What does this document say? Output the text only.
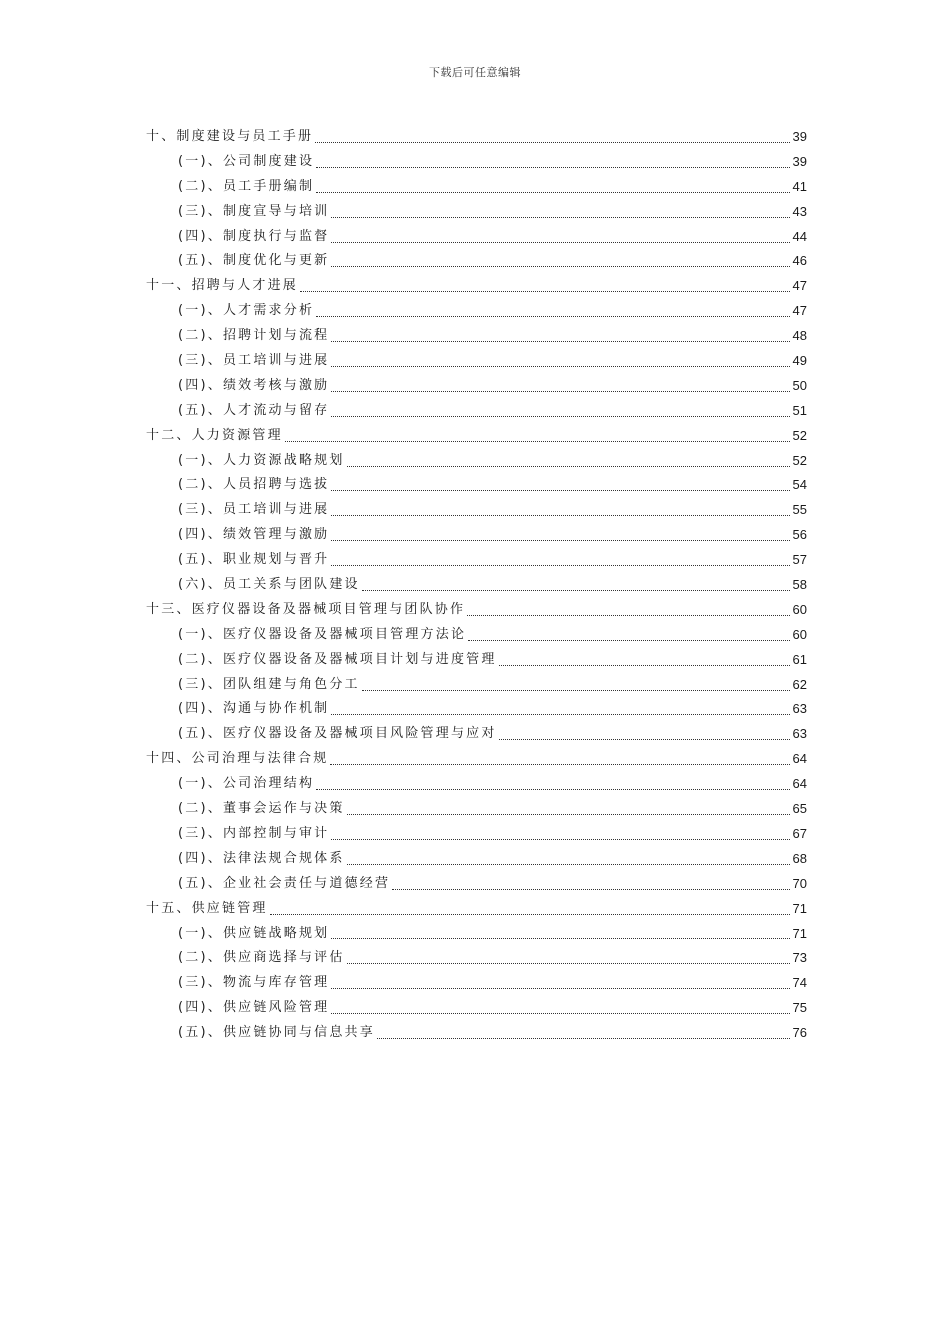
下载后可任意编辑
十、制度建设与员工手册	39
(一)、公司制度建设	39
(二)、员工手册编制	41
(三)、制度宣导与培训	43
(四)、制度执行与监督	44
(五)、制度优化与更新	46
十一、招聘与人才进展	47
(一)、人才需求分析	47
(二)、招聘计划与流程	48
(三)、员工培训与进展	49
(四)、绩效考核与激励	50
(五)、人才流动与留存	51
十二、人力资源管理	52
(一)、人力资源战略规划	52
(二)、人员招聘与选拔	54
(三)、员工培训与进展	55
(四)、绩效管理与激励	56
(五)、职业规划与晋升	57
(六)、员工关系与团队建设	58
十三、医疗仪器设备及器械项目管理与团队协作	60
(一)、医疗仪器设备及器械项目管理方法论	60
(二)、医疗仪器设备及器械项目计划与进度管理	61
(三)、团队组建与角色分工	62
(四)、沟通与协作机制	63
(五)、医疗仪器设备及器械项目风险管理与应对	63
十四、公司治理与法律合规	64
(一)、公司治理结构	64
(二)、董事会运作与决策	65
(三)、内部控制与审计	67
(四)、法律法规合规体系	68
(五)、企业社会责任与道德经营	70
十五、供应链管理	71
(一)、供应链战略规划	71
(二)、供应商选择与评估	73
(三)、物流与库存管理	74
(四)、供应链风险管理	75
(五)、供应链协同与信息共享	76
